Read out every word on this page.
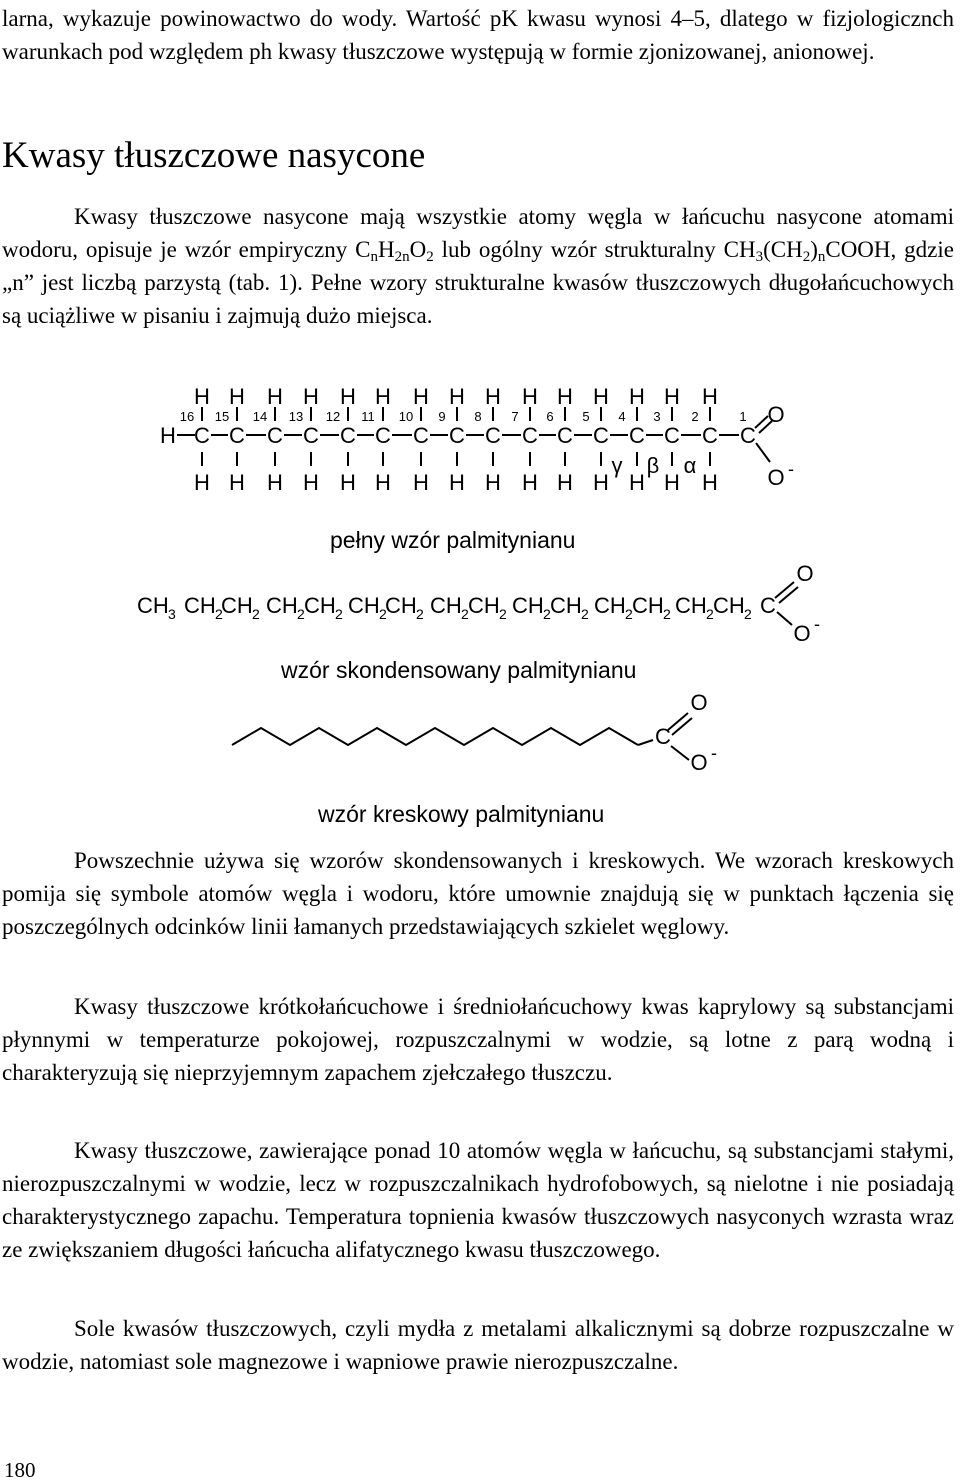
larna, wykazuje powinowactwo do wody. Wartość pK kwasu wynosi 4–5, dlatego w fizjologicznch warunkach pod względem ph kwasy tłuszczowe występują w formie zjonizowanej, anionowej.

Kwasy tłuszczowe nasycone

Kwasy tłuszczowe nasycone mają wszystkie atomy węgla w łańcuchu nasycone atomami wodoru, opisuje je wzór empiryczny $C_nH_{2n}O_2$ lub ogólny wzór strukturalny $CH_3(CH_2)_nCOOH$, gdzie „n” jest liczbą parzystą (tab. 1). Pełne wzory strukturalne kwasów tłuszczowych długołańcuchowych są uciążliwe w pisaniu i zajmują dużo miejsca.

H C
16
H
H
C
15
H
H
C
14
H
H
C
13
H
H
C
12
H
H
C
11
H
H
C
10
H
H
C
9
H
H
C
8
H
H
C
7
H
H
C
6
H
H
C
5
H
H
C
4
H
H
C
3
H
H
C
2
H
H
C
1
γ β α
O
O -
pełny wzór palmitynianu
CH 3 CH 2
CH 2 CH 2 CH 2 CH 2
CH 2 CH 2 CH 2 CH 2 CH 2 CH 2 CH 2 CH 2 CH 2 C
O
O -
wzór skondensowany palmitynianu
C
O
O -
wzór kreskowy palmitynianu

Powszechnie używa się wzorów skondensowanych i kreskowych. We wzorach kreskowych pomija się symbole atomów węgla i wodoru, które umownie znajdują się w punktach łączenia się poszczególnych odcinków linii łamanych przedstawiających szkielet węglowy.

Kwasy tłuszczowe krótkołańcuchowe i średniołańcuchowy kwas kaprylowy są substancjami płynnymi w temperaturze pokojowej, rozpuszczalnymi w wodzie, są lotne z parą wodną i charakteryzują się nieprzyjemnym zapachem zjełczałego tłuszczu.

Kwasy tłuszczowe, zawierające ponad 10 atomów węgla w łańcuchu, są substancjami stałymi, nierozpuszczalnymi w wodzie, lecz w rozpuszczalnikach hydrofobowych, są nielotne i nie posiadają charakterystycznego zapachu. Temperatura topnienia kwasów tłuszczowych nasyconych wzrasta wraz ze zwiększaniem długości łańcucha alifatycznego kwasu tłuszczowego.

Sole kwasów tłuszczowych, czyli mydła z metalami alkalicznymi są dobrze rozpuszczalne w wodzie, natomiast sole magnezowe i wapniowe prawie nierozpuszczalne.

180
